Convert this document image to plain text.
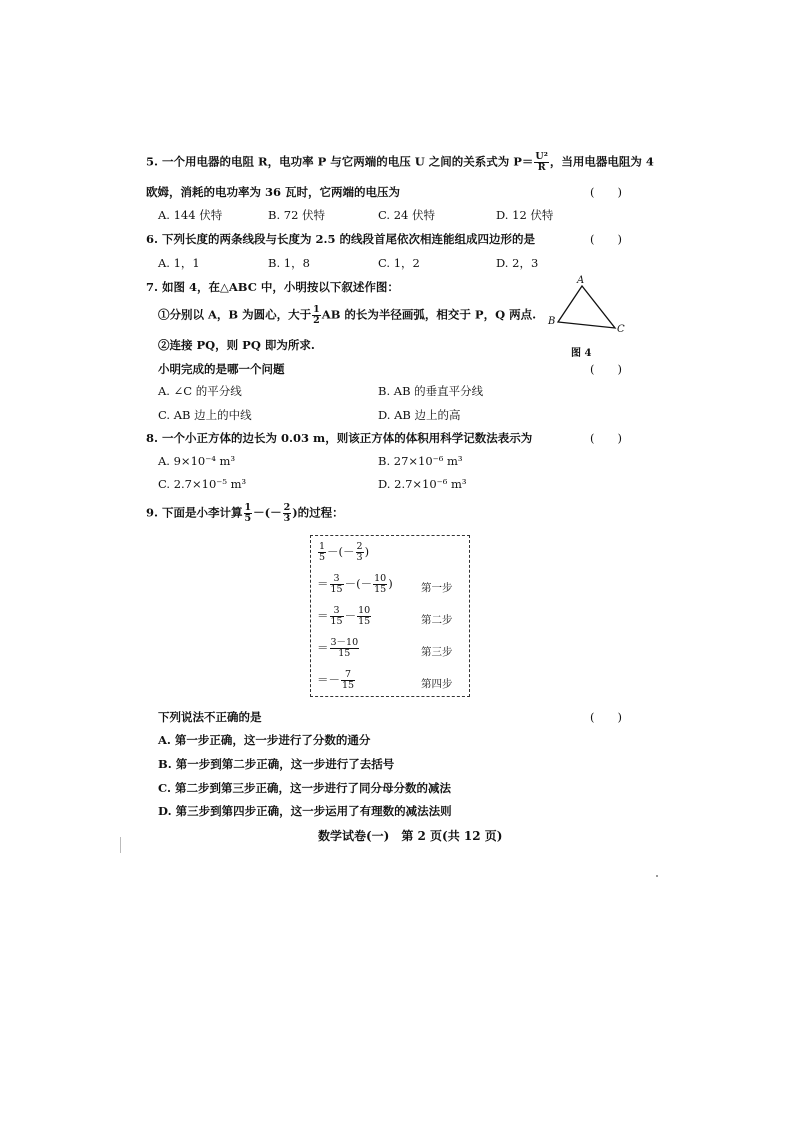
5. 一个用电器的电阻 R，电功率 P 与它两端的电压 U 之间的关系式为 $P= \frac{\text{U²}}{R}$ ，当用电器电阻为 4
欧姆，消耗的电功率为 36 瓦时，它两端的电压为	(　　)
A. 144 伏特	B. 72 伏特	C. 24 伏特	D. 12 伏特
6. 下列长度的两条线段与长度为 2.5 的线段首尾依次相连能组成四边形的是	(　　)
A. 1，1	B. 1，8	C. 1，2	D. 2，3
7. 如图 4，在△ABC 中，小明按以下叙述作图：
①分别以 A，B 为圆心，大于 $\frac{1}{2}$ AB 的长为半径画弧，相交于 P，Q 两点.
②连接 PQ，则 PQ 即为所求.
小明完成的是哪一个问题	(　　)
A. ∠C 的平分线	B. AB 的垂直平分线
C. AB 边上的中线	D. AB 边上的高
A
B
C
图 4
8. 一个小正方体的边长为 0.03 m，则该正方体的体积用科学记数法表示为	(　　)
A. 9×10⁻⁴ m³	B. 27×10⁻⁶ m³
C. 2.7×10⁻⁵ m³	D. 2.7×10⁻⁶ m³
9. 下面是小李计算 $\frac{1}{5}$ －(－ $\frac{2}{3}$ )的过程：
$\frac{1}{5}$ －(－ $\frac{2}{3}$ )
＝ $\frac{3}{15}$ －(－ $\frac{10}{15}$ )	第一步
＝ $\frac{3}{15} - \frac{10}{15}$	第二步
＝ $\frac{3-10}{15}$	第三步
＝－ $\frac{7}{15}$	第四步
下列说法不正确的是	(　　)
A. 第一步正确，这一步进行了分数的通分
B. 第一步到第二步正确，这一步进行了去括号
C. 第二步到第三步正确，这一步进行了同分母分数的减法
D. 第三步到第四步正确，这一步运用了有理数的减法法则
数学试卷(一)　第 2 页(共 12 页)
